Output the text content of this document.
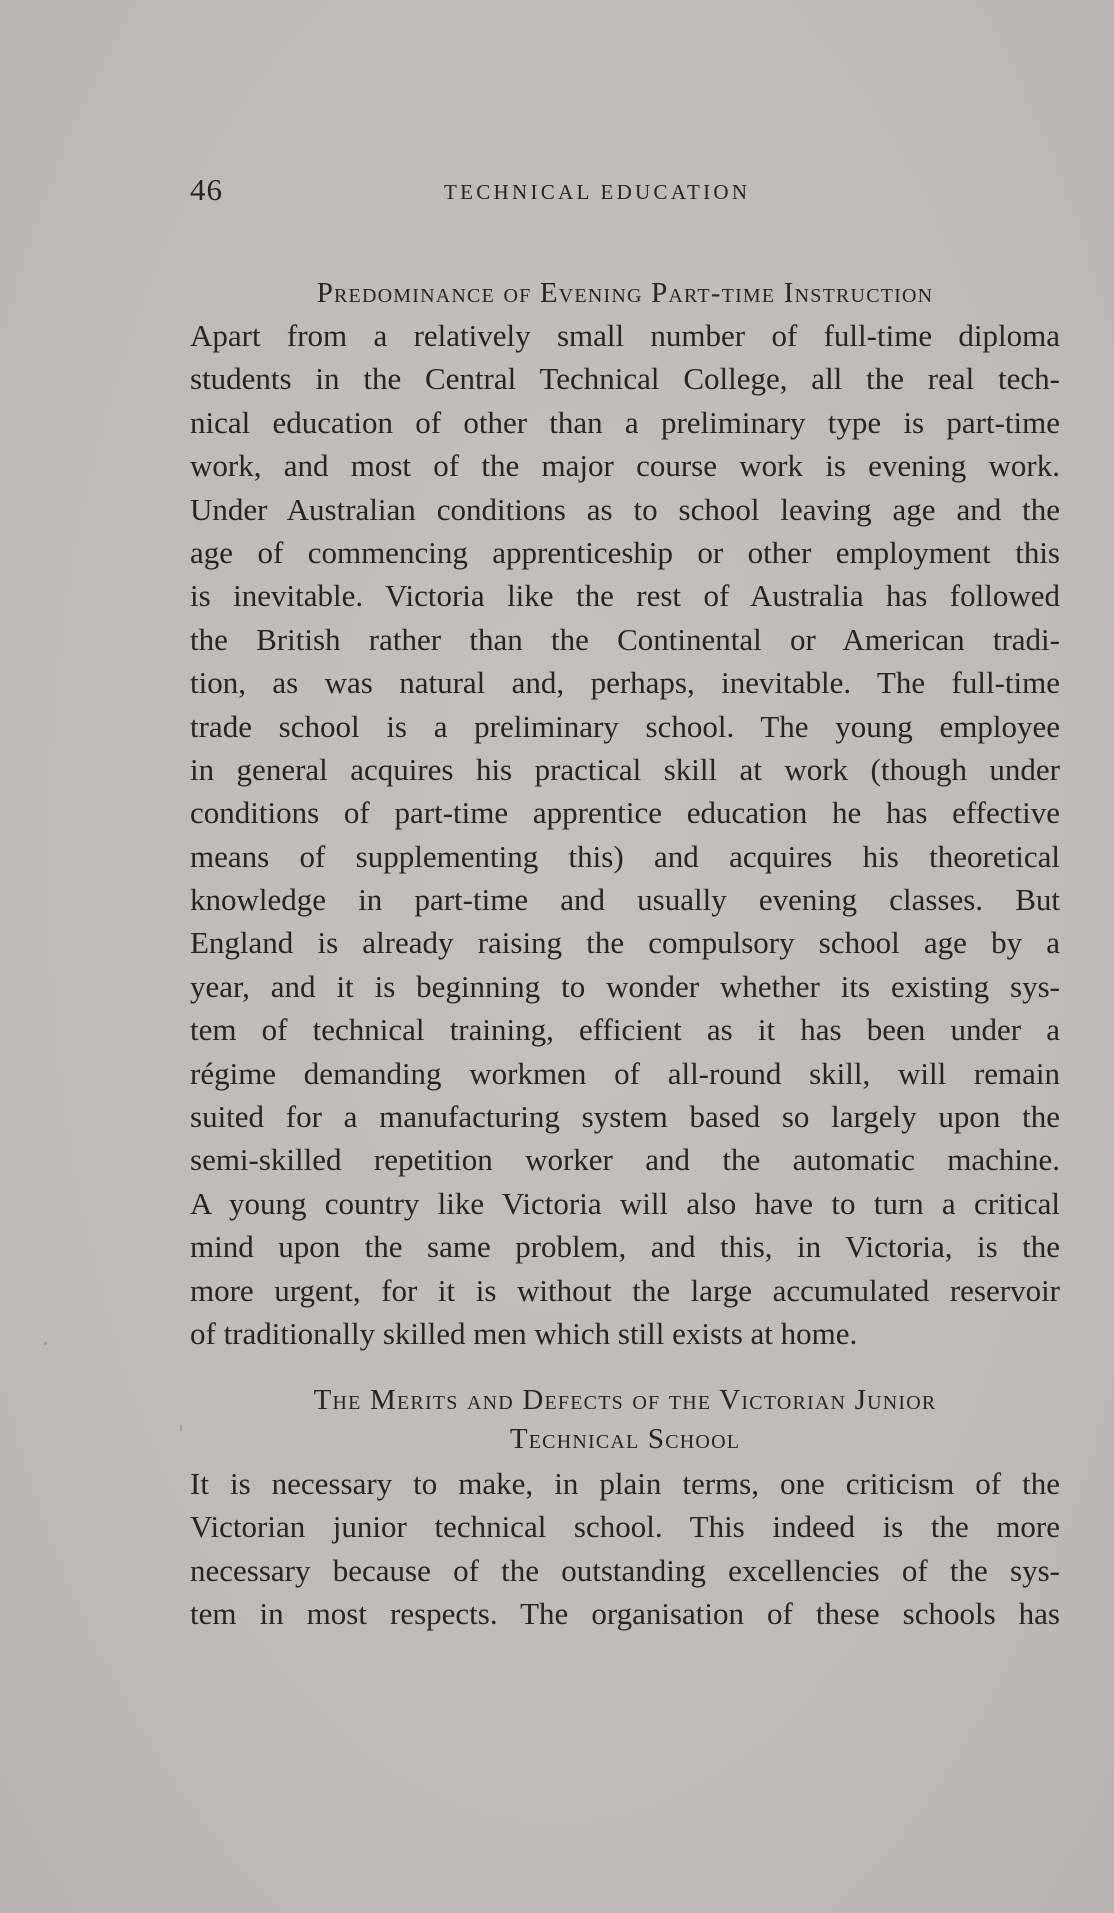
46	TECHNICAL EDUCATION
Predominance of Evening Part-time Instruction
Apart from a relatively small number of full-time diploma
students in the Central Technical College, all the real tech-
nical education of other than a preliminary type is part-time
work, and most of the major course work is evening work.
Under Australian conditions as to school leaving age and the
age of commencing apprenticeship or other employment this
is inevitable. Victoria like the rest of Australia has followed
the British rather than the Continental or American tradi-
tion, as was natural and, perhaps, inevitable. The full-time
trade school is a preliminary school. The young employee
in general acquires his practical skill at work (though under
conditions of part-time apprentice education he has effective
means of supplementing this) and acquires his theoretical
knowledge in part-time and usually evening classes. But
England is already raising the compulsory school age by a
year, and it is beginning to wonder whether its existing sys-
tem of technical training, efficient as it has been under a
régime demanding workmen of all-round skill, will remain
suited for a manufacturing system based so largely upon the
semi-skilled repetition worker and the automatic machine.
A young country like Victoria will also have to turn a critical
mind upon the same problem, and this, in Victoria, is the
more urgent, for it is without the large accumulated reservoir
of traditionally skilled men which still exists at home.
The Merits and Defects of the Victorian Junior
Technical School
It is necessary to make, in plain terms, one criticism of the
Victorian junior technical school. This indeed is the more
necessary because of the outstanding excellencies of the sys-
tem in most respects. The organisation of these schools has
